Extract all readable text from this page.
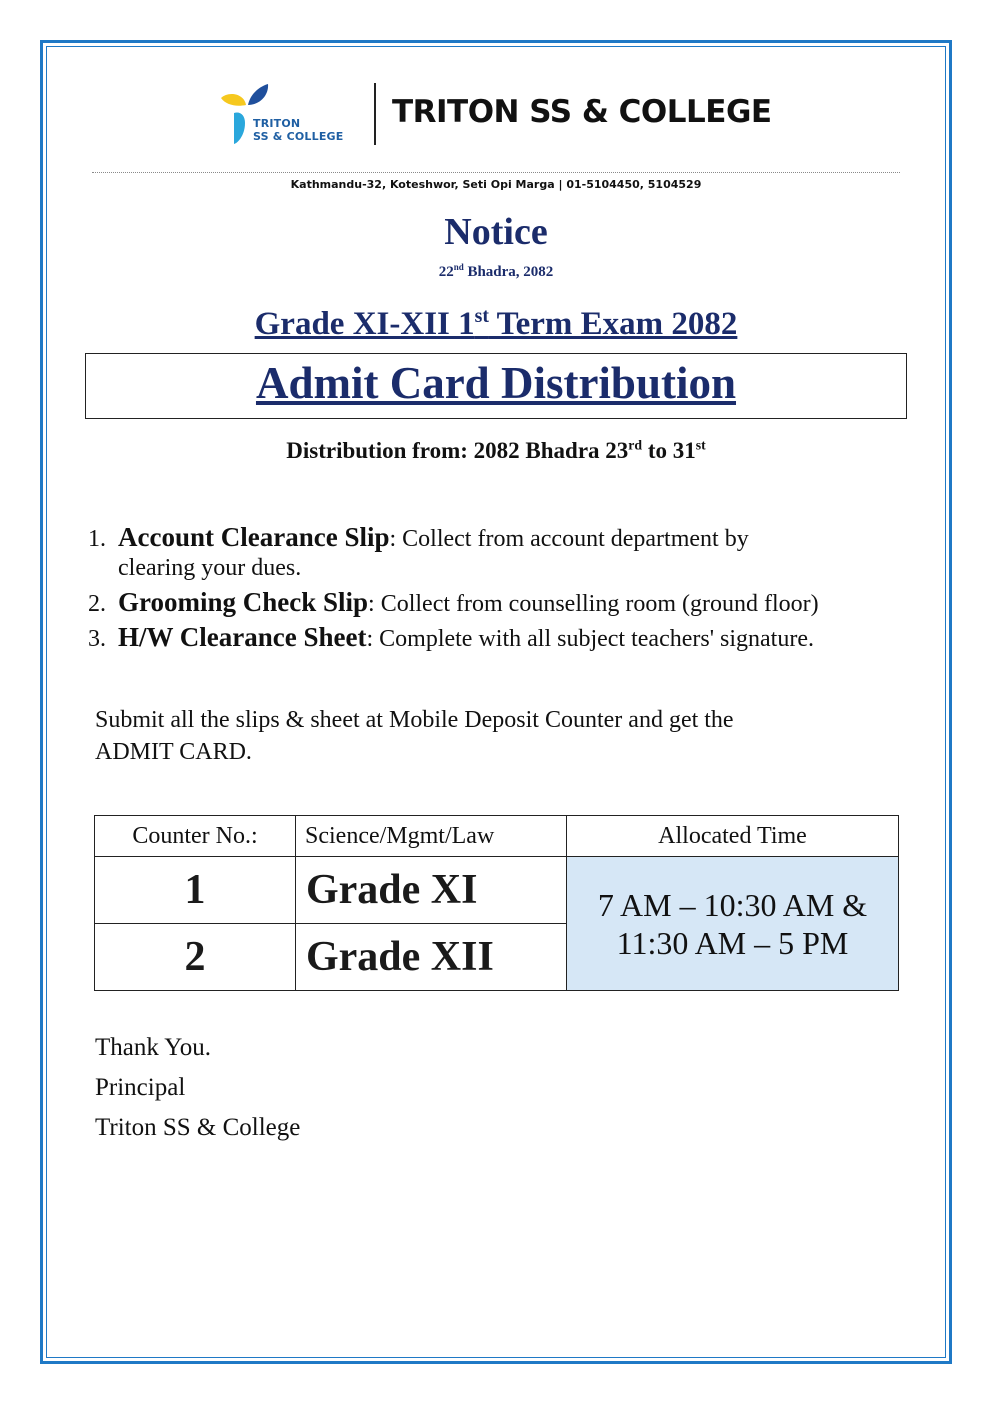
TRITON
SS & COLLEGE
TRITON SS & COLLEGE
Kathmandu-32, Koteshwor, Seti Opi Marga | 01-5104450, 5104529
Notice
22nd Bhadra, 2082
Grade XI-XII 1st Term Exam 2082
Admit Card Distribution
Distribution from: 2082 Bhadra 23rd to 31st
1. Account Clearance Slip: Collect from account department by
clearing your dues.
2. Grooming Check Slip: Collect from counselling room (ground floor)
3. H/W Clearance Sheet: Complete with all subject teachers' signature.
Submit all the slips & sheet at Mobile Deposit Counter and get the
ADMIT CARD.
Counter No.:	Science/Mgmt/Law	Allocated Time
1	Grade XI	7 AM – 10:30 AM &
11:30 AM – 5 PM

2	Grade XII	
Thank You.
Principal
Triton SS & College
